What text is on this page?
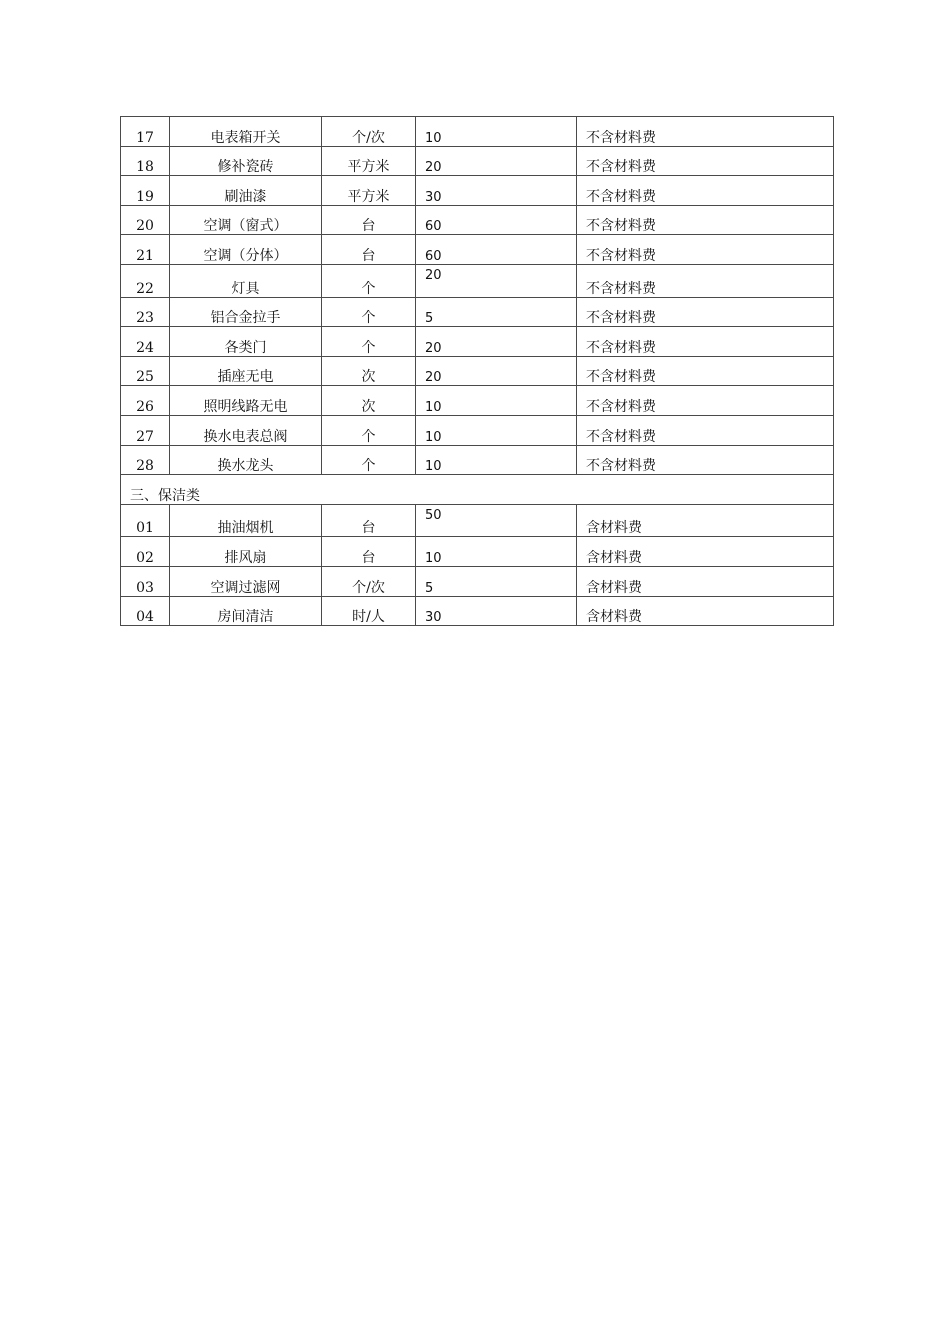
17	电表箱开关	个/次	10	不含材料费
18	修补瓷砖	平方米	20	不含材料费
19	刷油漆	平方米	30	不含材料费
20	空调（窗式）	台	60	不含材料费
21	空调（分体）	台	60	不含材料费
22	灯具	个	20	不含材料费
23	铝合金拉手	个	5	不含材料费
24	各类门	个	20	不含材料费
25	插座无电	次	20	不含材料费
26	照明线路无电	次	10	不含材料费
27	换水电表总阀	个	10	不含材料费
28	换水龙头	个	10	不含材料费
三、保洁类				
01	抽油烟机	台	50	含材料费
02	排风扇	台	10	含材料费
03	空调过滤网	个/次	5	含材料费
04	房间清洁	时/人	30	含材料费
